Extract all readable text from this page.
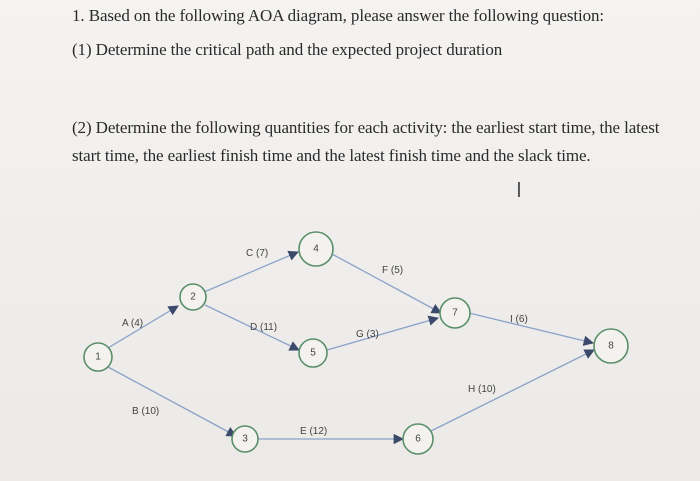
1. Based on the following AOA diagram, please answer the following question:
(1) Determine the critical path and the expected project duration
(2) Determine the following quantities for each activity: the earliest start time, the latest
start time, the earliest finish time and the latest finish time and the slack time.
I
A (4)
B (10)
C (7)
D (11)
E (12)
F (5)
G (3)
H (10)
I (6)
1
2
3
4
5
6
7
8
